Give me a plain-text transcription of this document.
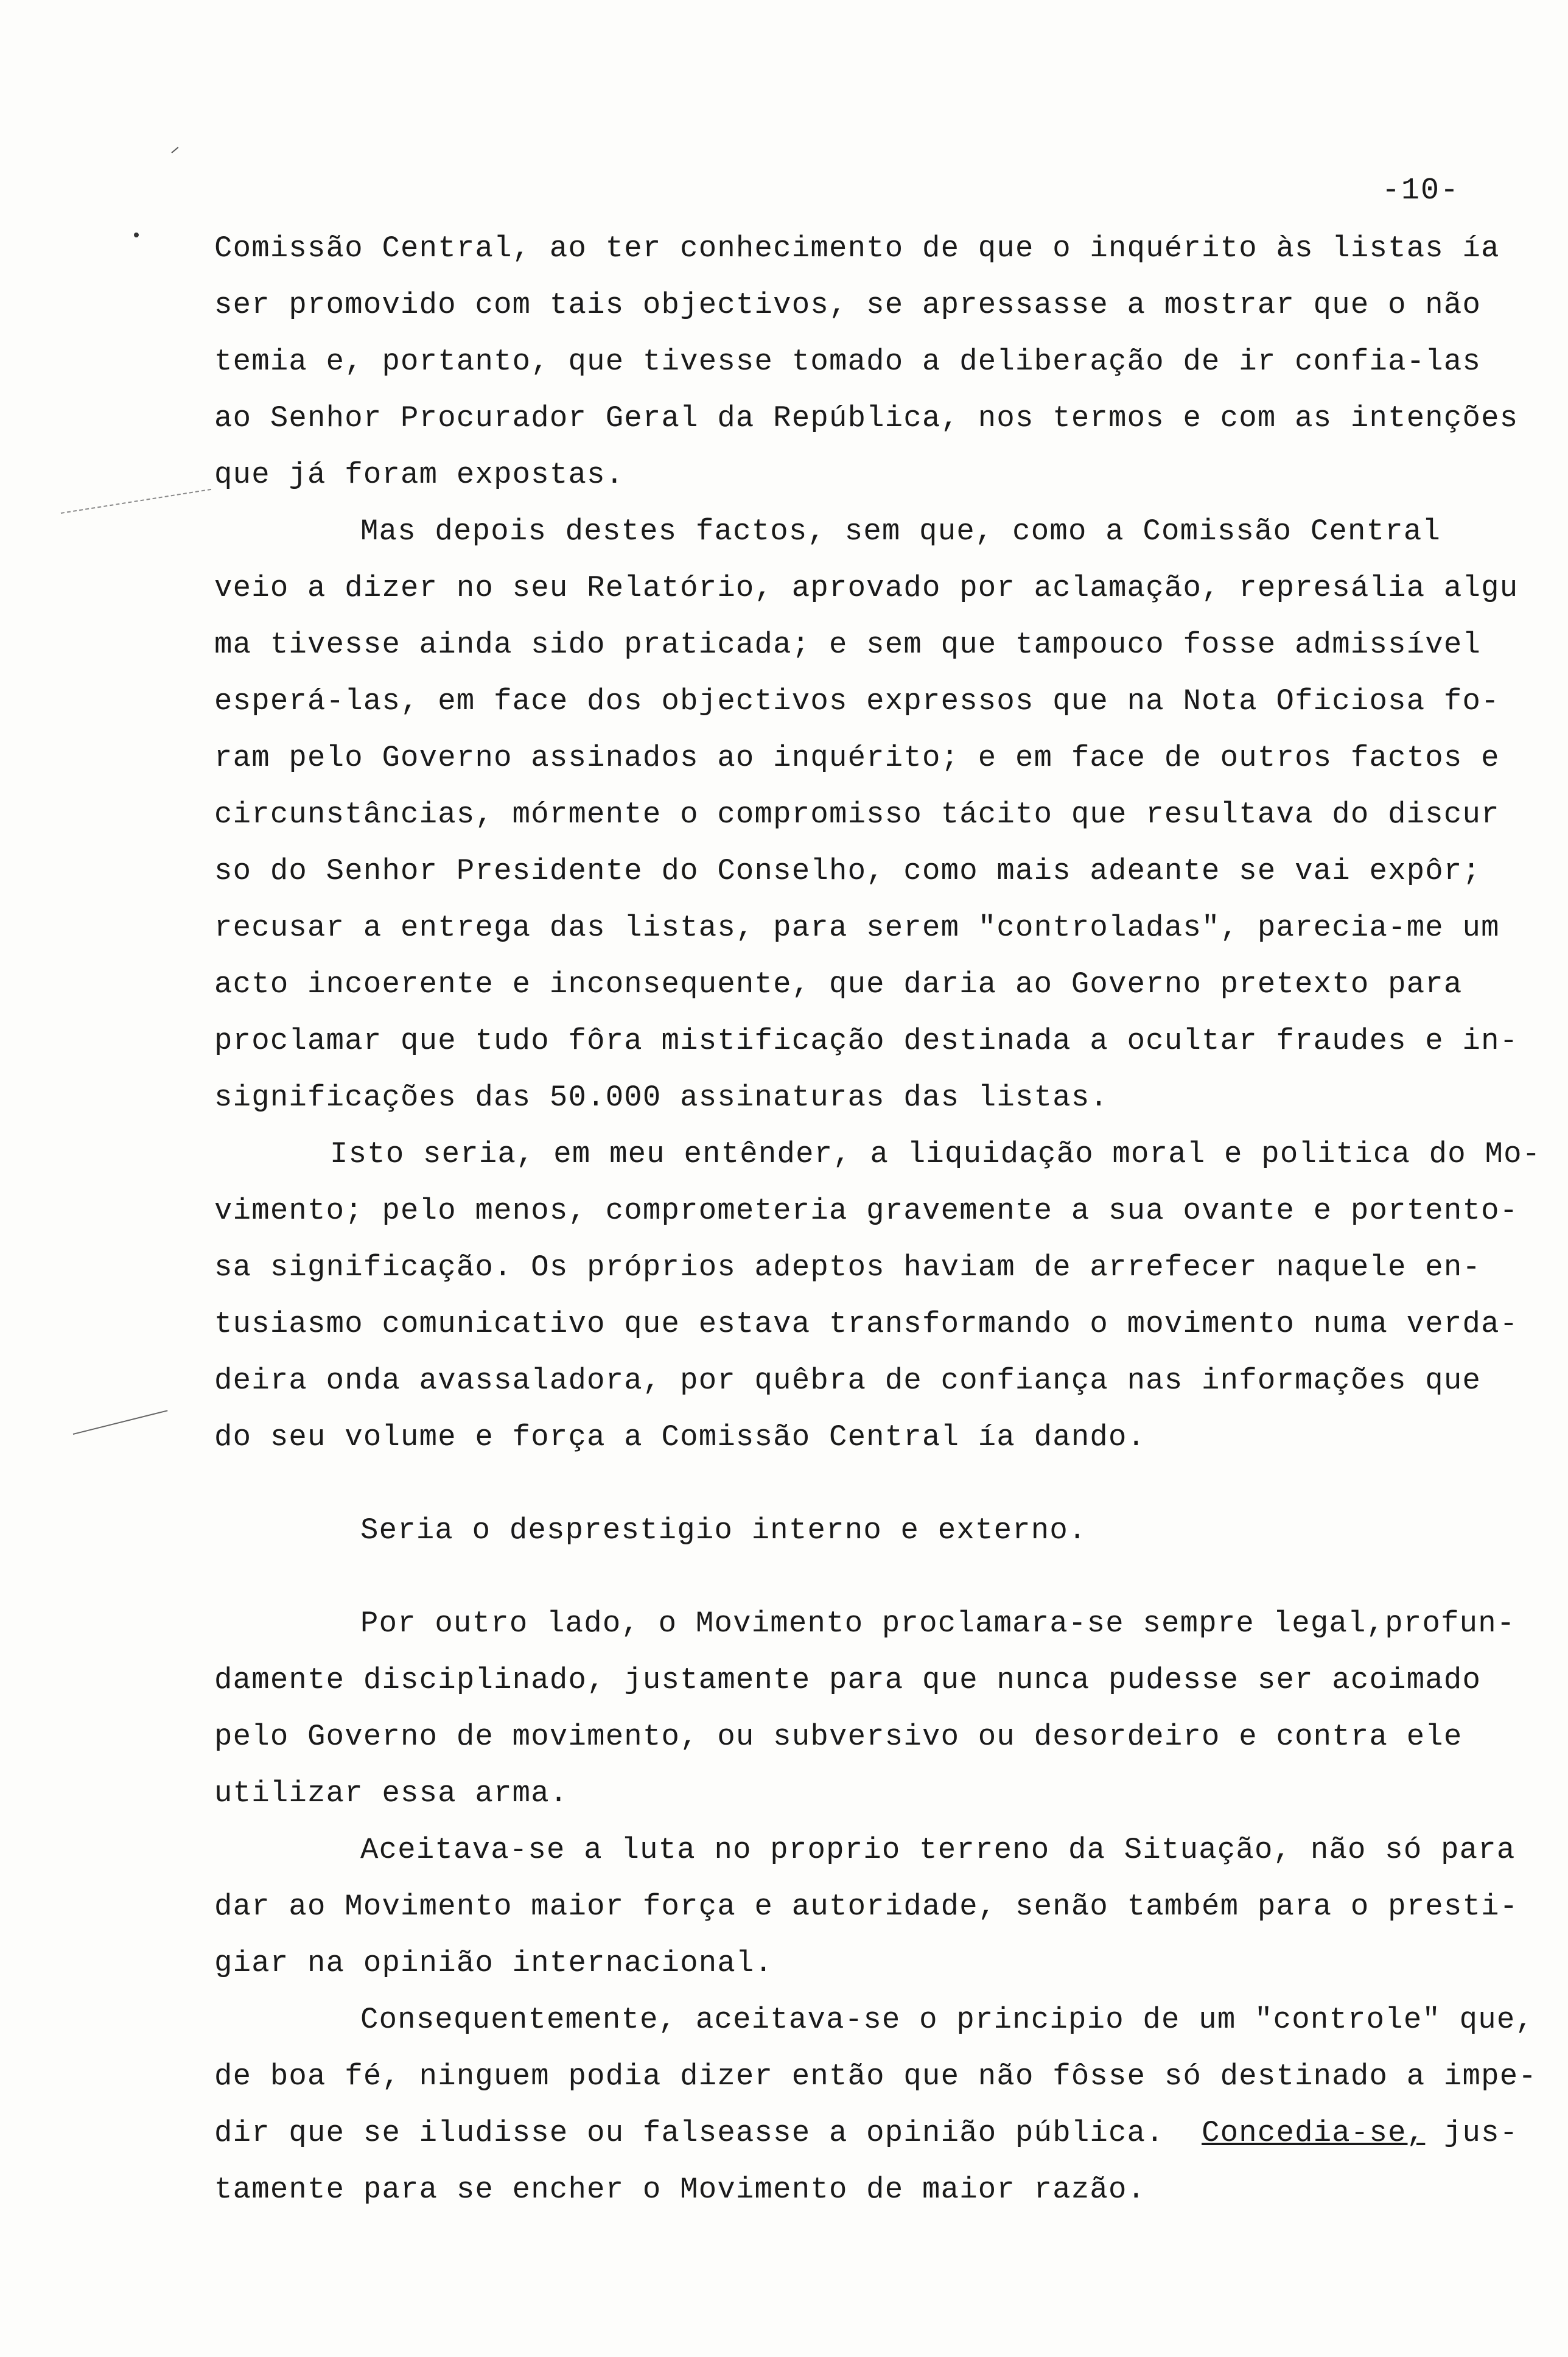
-10-
Comissão Central, ao ter conhecimento de que o inquérito às listas ía
ser promovido com tais objectivos, se apressasse a mostrar que o não
temia e, portanto, que tivesse tomado a deliberação de ir confia-las
ao Senhor Procurador Geral da República, nos termos e com as intenções
que já foram expostas.
Mas depois destes factos, sem que, como a Comissão Central
veio a dizer no seu Relatório, aprovado por aclamação, represália algu
ma tivesse ainda sido praticada; e sem que tampouco fosse admissível
esperá-las, em face dos objectivos expressos que na Nota Oficiosa fo-
ram pelo Governo assinados ao inquérito; e em face de outros factos e
circunstâncias, mórmente o compromisso tácito que resultava do discur
so do Senhor Presidente do Conselho, como mais adeante se vai expôr;
recusar a entrega das listas, para serem "controladas", parecia-me um
acto incoerente e inconsequente, que daria ao Governo pretexto para
proclamar que tudo fôra mistificação destinada a ocultar fraudes e in-
significações das 50.000 assinaturas das listas.
Isto seria, em meu entênder, a liquidação moral e politica do Mo-
vimento; pelo menos, comprometeria gravemente a sua ovante e portento-
sa significação. Os próprios adeptos haviam de arrefecer naquele en-
tusiasmo comunicativo que estava transformando o movimento numa verda-
deira onda avassaladora, por quêbra de confiança nas informações que
do seu volume e força a Comissão Central ía dando.
Seria o desprestigio interno e externo.
Por outro lado, o Movimento proclamara-se sempre legal,profun-
damente disciplinado, justamente para que nunca pudesse ser acoimado
pelo Governo de movimento, ou subversivo ou desordeiro e contra ele
utilizar essa arma.
Aceitava-se a luta no proprio terreno da Situação, não só para
dar ao Movimento maior força e autoridade, senão também para o presti-
giar na opinião internacional.
Consequentemente, aceitava-se o principio de um "controle" que,
de boa fé, ninguem podia dizer então que não fôsse só destinado a impe-
dir que se iludisse ou falseasse a opinião pública. Concedia-se, jus-
tamente para se encher o Movimento de maior razão.
